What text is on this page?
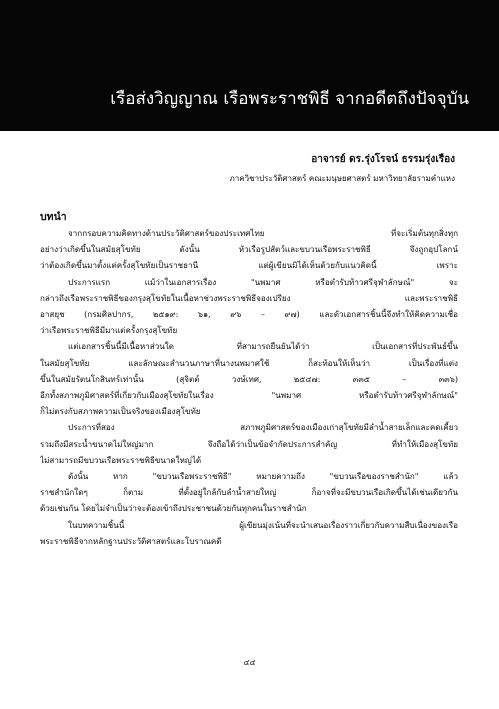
เรือส่งวิญญาณ เรือพระราชพิธี จากอดีตถึงปัจจุบัน
อาจารย์ ดร.รุ่งโรจน์ ธรรมรุ่งเรือง
ภาควิชาประวัติศาสตร์ คณะมนุษยศาสตร์ มหาวิทยาลัยรามคำแหง
บทนำ

จากกรอบความคิดทางด้านประวัติศาสตร์ของประเทศไทย ที่จะเริ่มต้นทุกสิ่งทุก

อย่างว่าเกิดขึ้นในสมัยสุโขทัย ดังนั้น หัวเรือรูปสัตว์และขบวนเรือพระราชพิธี จึงถูกอุปโลกน์

ว่าต้องเกิดขึ้นมาตั้งแต่ครั้งสุโขทัยเป็นราชธานี แต่ผู้เขียนมิได้เห็นด้วยกับแนวคิดนี้ เพราะ

ประการแรก แม้ว่าในเอกสารเรื่อง "นพมาศ หรือตำรับท้าวศรีจุฬาลักษณ์" จะ

กล่าวถึงเรือพระราชพิธีของกรุงสุโขทัยในเนื้อหาช่วงพระราชพิธีจองเปรียง และพระราชพิธี

อาสยุช (กรมศิลปากร, ๒๕๑๙: ๖๑, ๙๖ – ๙๗) และตัวเอกสารชิ้นนี้จึงทำให้คิดความเชื่อ

ว่าเรือพระราชพิธีมีมาแต่ครั้งกรุงสุโขทัย

แต่เอกสารชิ้นนี้มีเนื้อหาส่วนใด ที่สามารถยืนยันได้ว่า เป็นเอกสารที่ประพันธ์ขึ้น

ในสมัยสุโขทัย และลักษณะสำนวนภาษาที่นางนพมาศใช้ ก็สะท้อนให้เห็นว่า เป็นเรื่องที่แต่ง

ขึ้นในสมัยรัตนโกสินทร์เท่านั้น (สุจิตต์ วงษ์เทศ, ๒๕๔๗: ๓๓๕ – ๓๓๖)

อีกทั้งสภาพภูมิศาสตร์ที่เกี่ยวกับเมืองสุโขทัยในเรื่อง "นพมาศ หรือตำรับท้าวศรีจุฬาลักษณ์"

ก็ไม่ตรงกับสภาพความเป็นจริงของเมืองสุโขทัย

ประการที่สอง สภาพภูมิศาสตร์ของเมืองเก่าสุโขทัยมีลำน้ำสายเล็กและคดเคี้ยว

รวมถึงมีสระน้ำขนาดไม่ใหญ่มาก จึงถือได้ว่าเป็นข้อจำกัดประการสำคัญ ที่ทำให้เมืองสุโขทัย

ไม่สามารถมีขบวนเรือพระราชพิธีขนาดใหญ่ได้

ดังนั้น หาก "ขบวนเรือพระราชพิธี" หมายความถึง "ขบวนเรือของราชสำนัก" แล้ว

ราชสำนักใดๆ ก็ตาม ที่ตั้งอยู่ใกล้กับลำน้ำสายใหญ่ ก็อาจที่จะมีขบวนเรือเกิดขึ้นได้เช่นเดียวกัน

ด้วยเช่นกัน โดยไม่จำเป็นว่าจะต้องเข้าถึงประชาชนด้วยกันทุกคนในราชสำนัก

ในบทความชิ้นนี้ ผู้เขียนมุ่งเน้นที่จะนำเสนอเรื่องราวเกี่ยวกับความสืบเนื่องของเรือ

พระราชพิธีจากหลักฐานประวัติศาสตร์และโบราณคดี

๔๔
